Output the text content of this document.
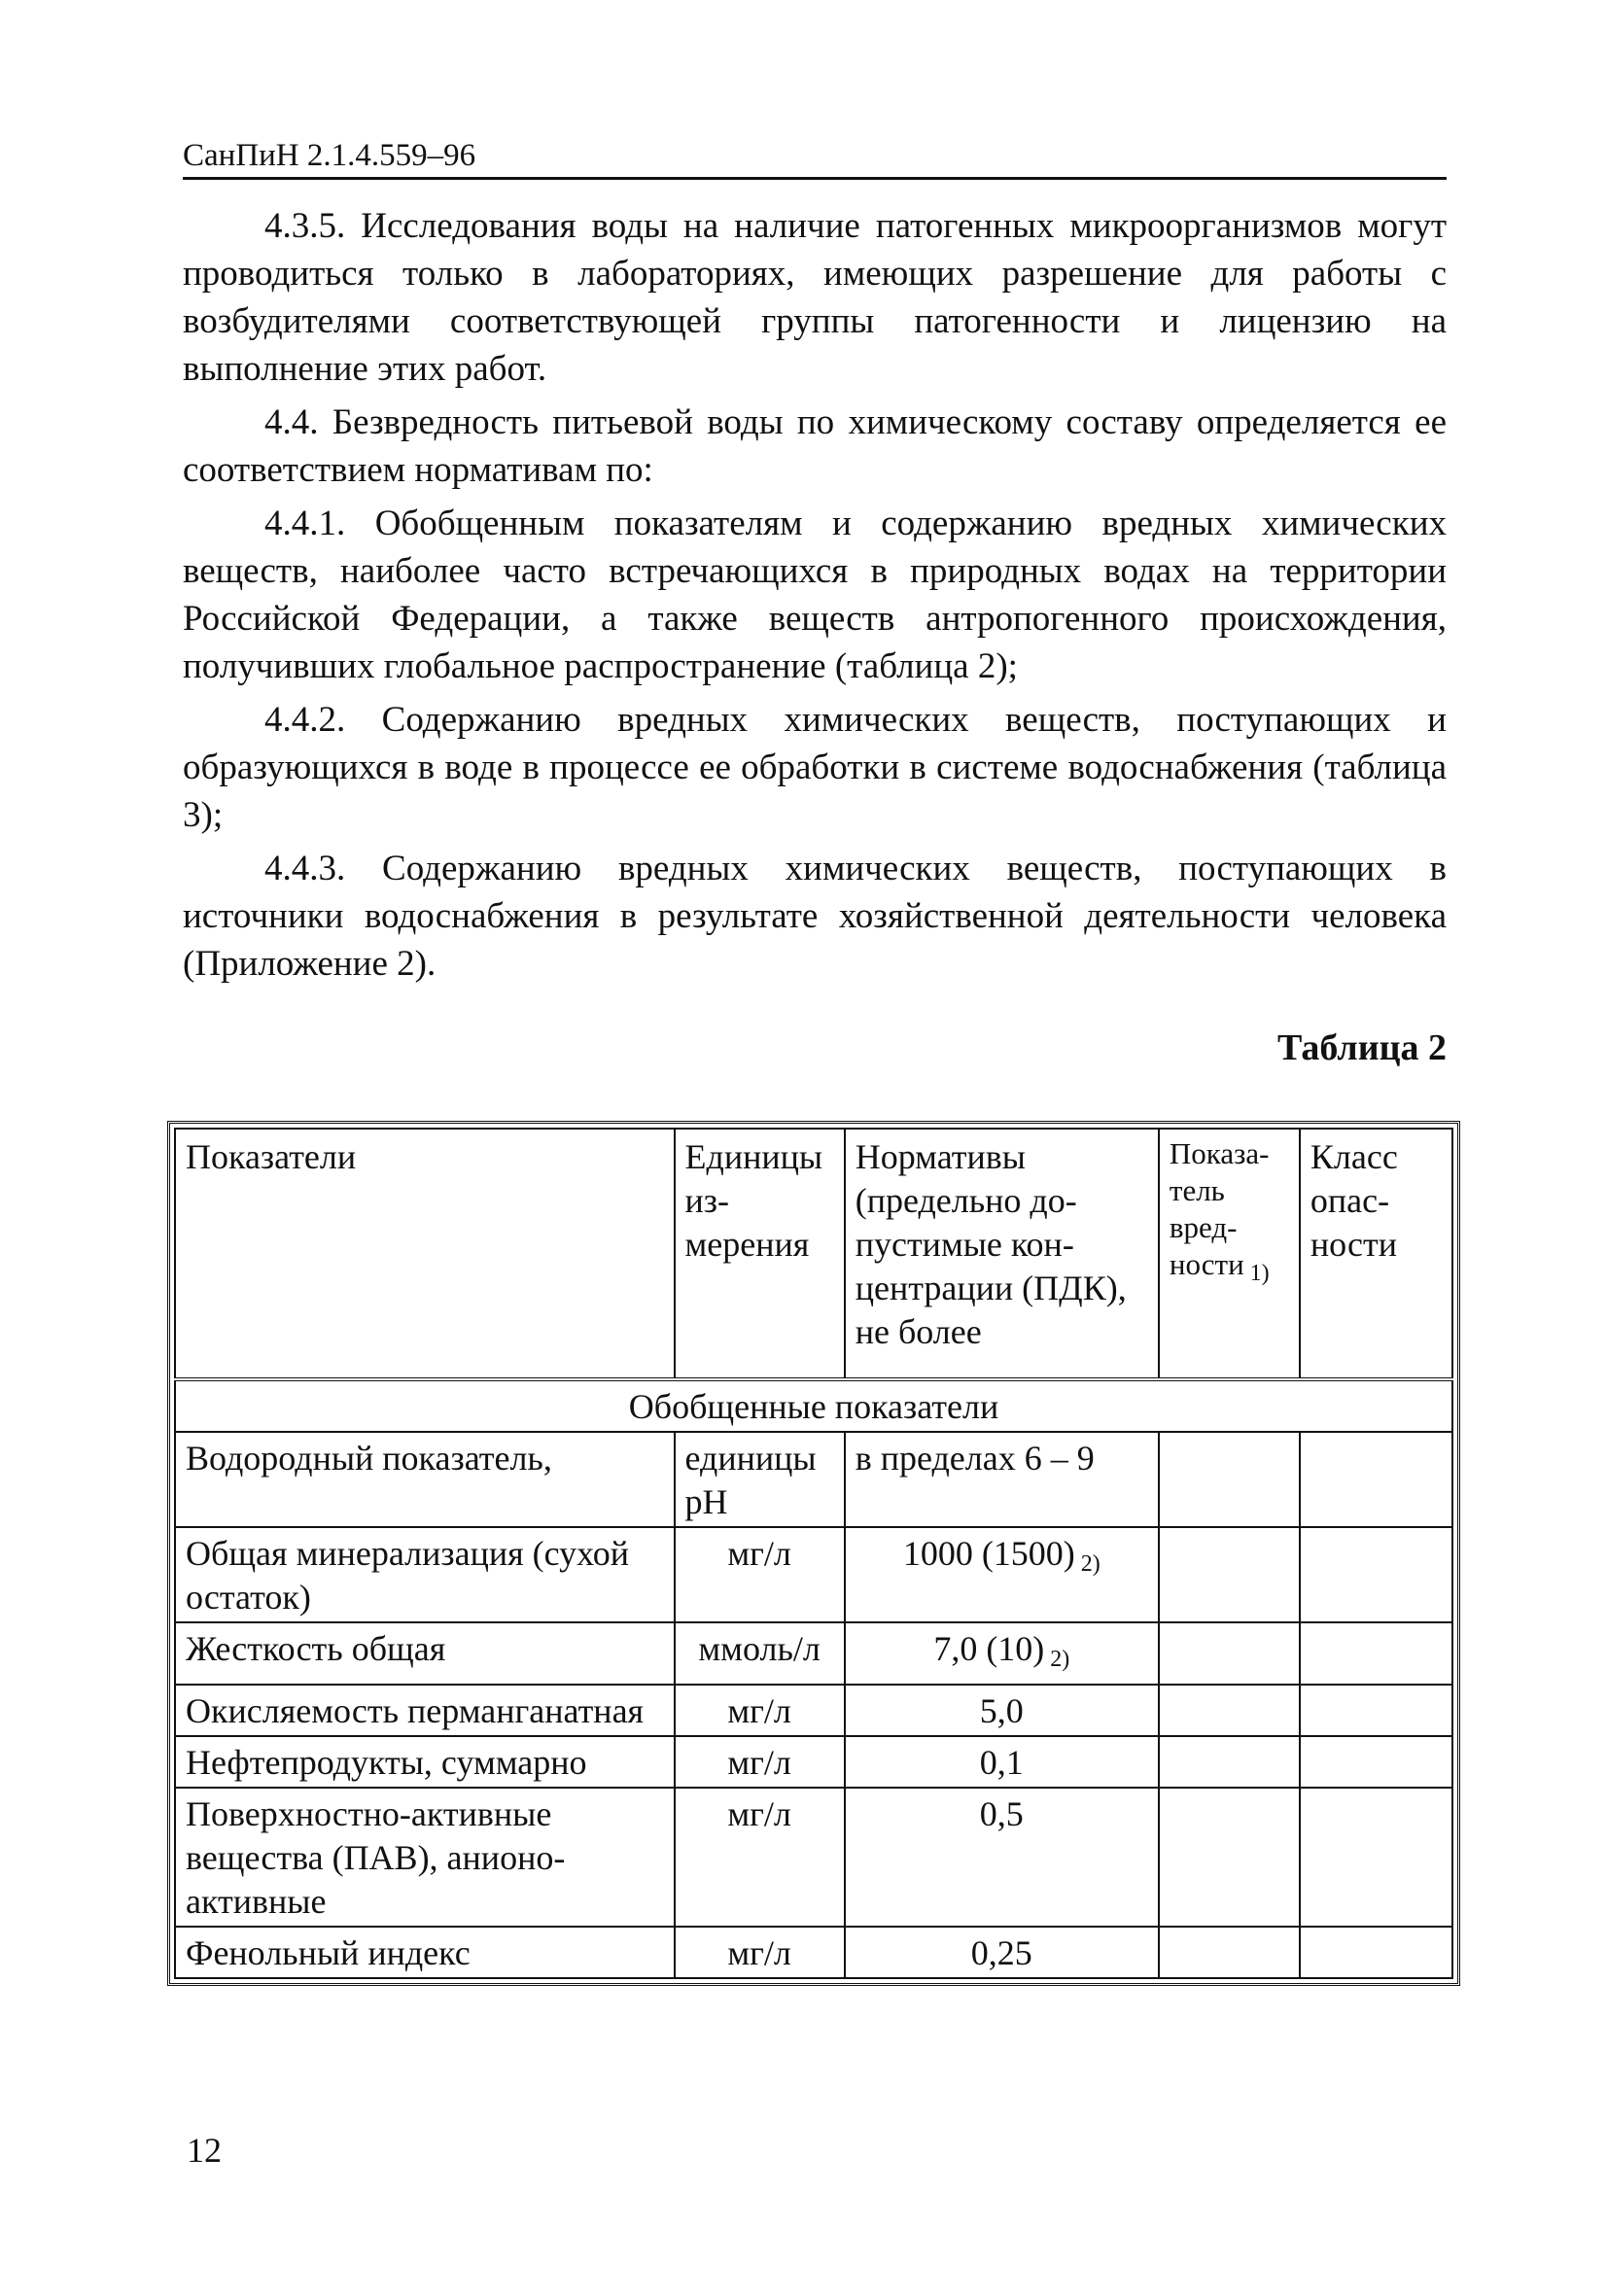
СанПиН 2.1.4.559–96

4.3.5. Исследования воды на наличие патогенных микроорганизмов могут проводиться только в лабораториях, имеющих разрешение для работы с возбудителями соответствующей группы патогенности и лицензию на выполнение этих работ.

4.4. Безвредность питьевой воды по химическому составу определяется ее соответствием нормативам по:

4.4.1. Обобщенным показателям и содержанию вредных химических веществ, наиболее часто встречающихся в природных водах на территории Российской Федерации, а также веществ антропогенного происхождения, получивших глобальное распространение (таблица 2);

4.4.2. Содержанию вредных химических веществ, поступающих и образующихся в воде в процессе ее обработки в системе водоснабжения (таблица 3);

4.4.3. Содержанию вредных химических веществ, поступающих в источники водоснабжения в результате хозяйственной деятельности человека (Приложение 2).

Таблица 2
Показатели	Единицы измерения	Нормативы (предельно допустимые концентрации (ПДК), не более	Показатель вредности 1)	Класс опасности
Обобщенные показатели				
Водородный показатель,	единицы pH	в пределах 6 – 9		
Общая минерализация (сухой остаток)	мг/л	1000 (1500) 2)		
Жесткость общая	ммоль/л	7,0 (10) 2)		
Окисляемость перманганатная	мг/л	5,0		
Нефтепродукты, суммарно	мг/л	0,1		
Поверхностно-активные вещества (ПАВ), анионоактивные	мг/л	0,5		
Фенольный индекс	мг/л	0,25		
12
